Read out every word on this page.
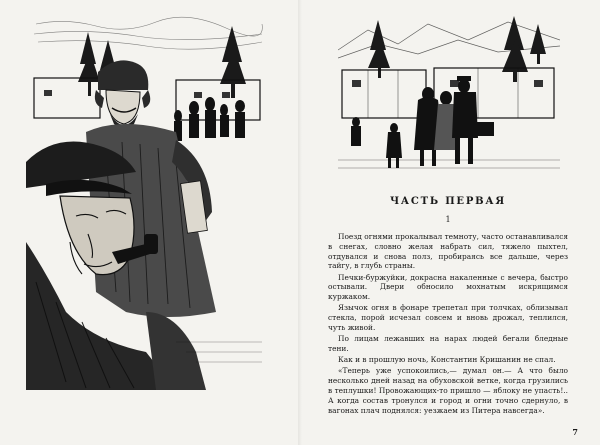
ЧАСТЬ ПЕРВАЯ
1

Поезд огнями прокалывал темноту, часто останавливался в снегах, словно желая набрать сил, тяжело пыхтел, отдувался и снова полз, пробираясь все дальше, через тайгу, в глубь страны.

Печки-буржуйки, докрасна накаленные с вечера, быстро остывали. Двери обносило мохнатым искрящимся куржаком.

Язычок огня в фонаре трепетал при толчках, облизывал стекла, порой исчезал совсем и вновь дрожал, теплился, чуть живой.

По лицам лежавших на нарах людей бегали бледные тени.

Как и в прошлую ночь, Константин Кришанин не спал.

«Теперь уже успокоились,— думал он.— А что было несколько дней назад на обуховской ветке, когда грузились в теплушки! Провожающих-то пришло — яблоку не упасть!.. А когда состав тронулся и город и огни точно сдернуло, в вагонах плач поднялся: уезжаем из Питера навсегда».

7
